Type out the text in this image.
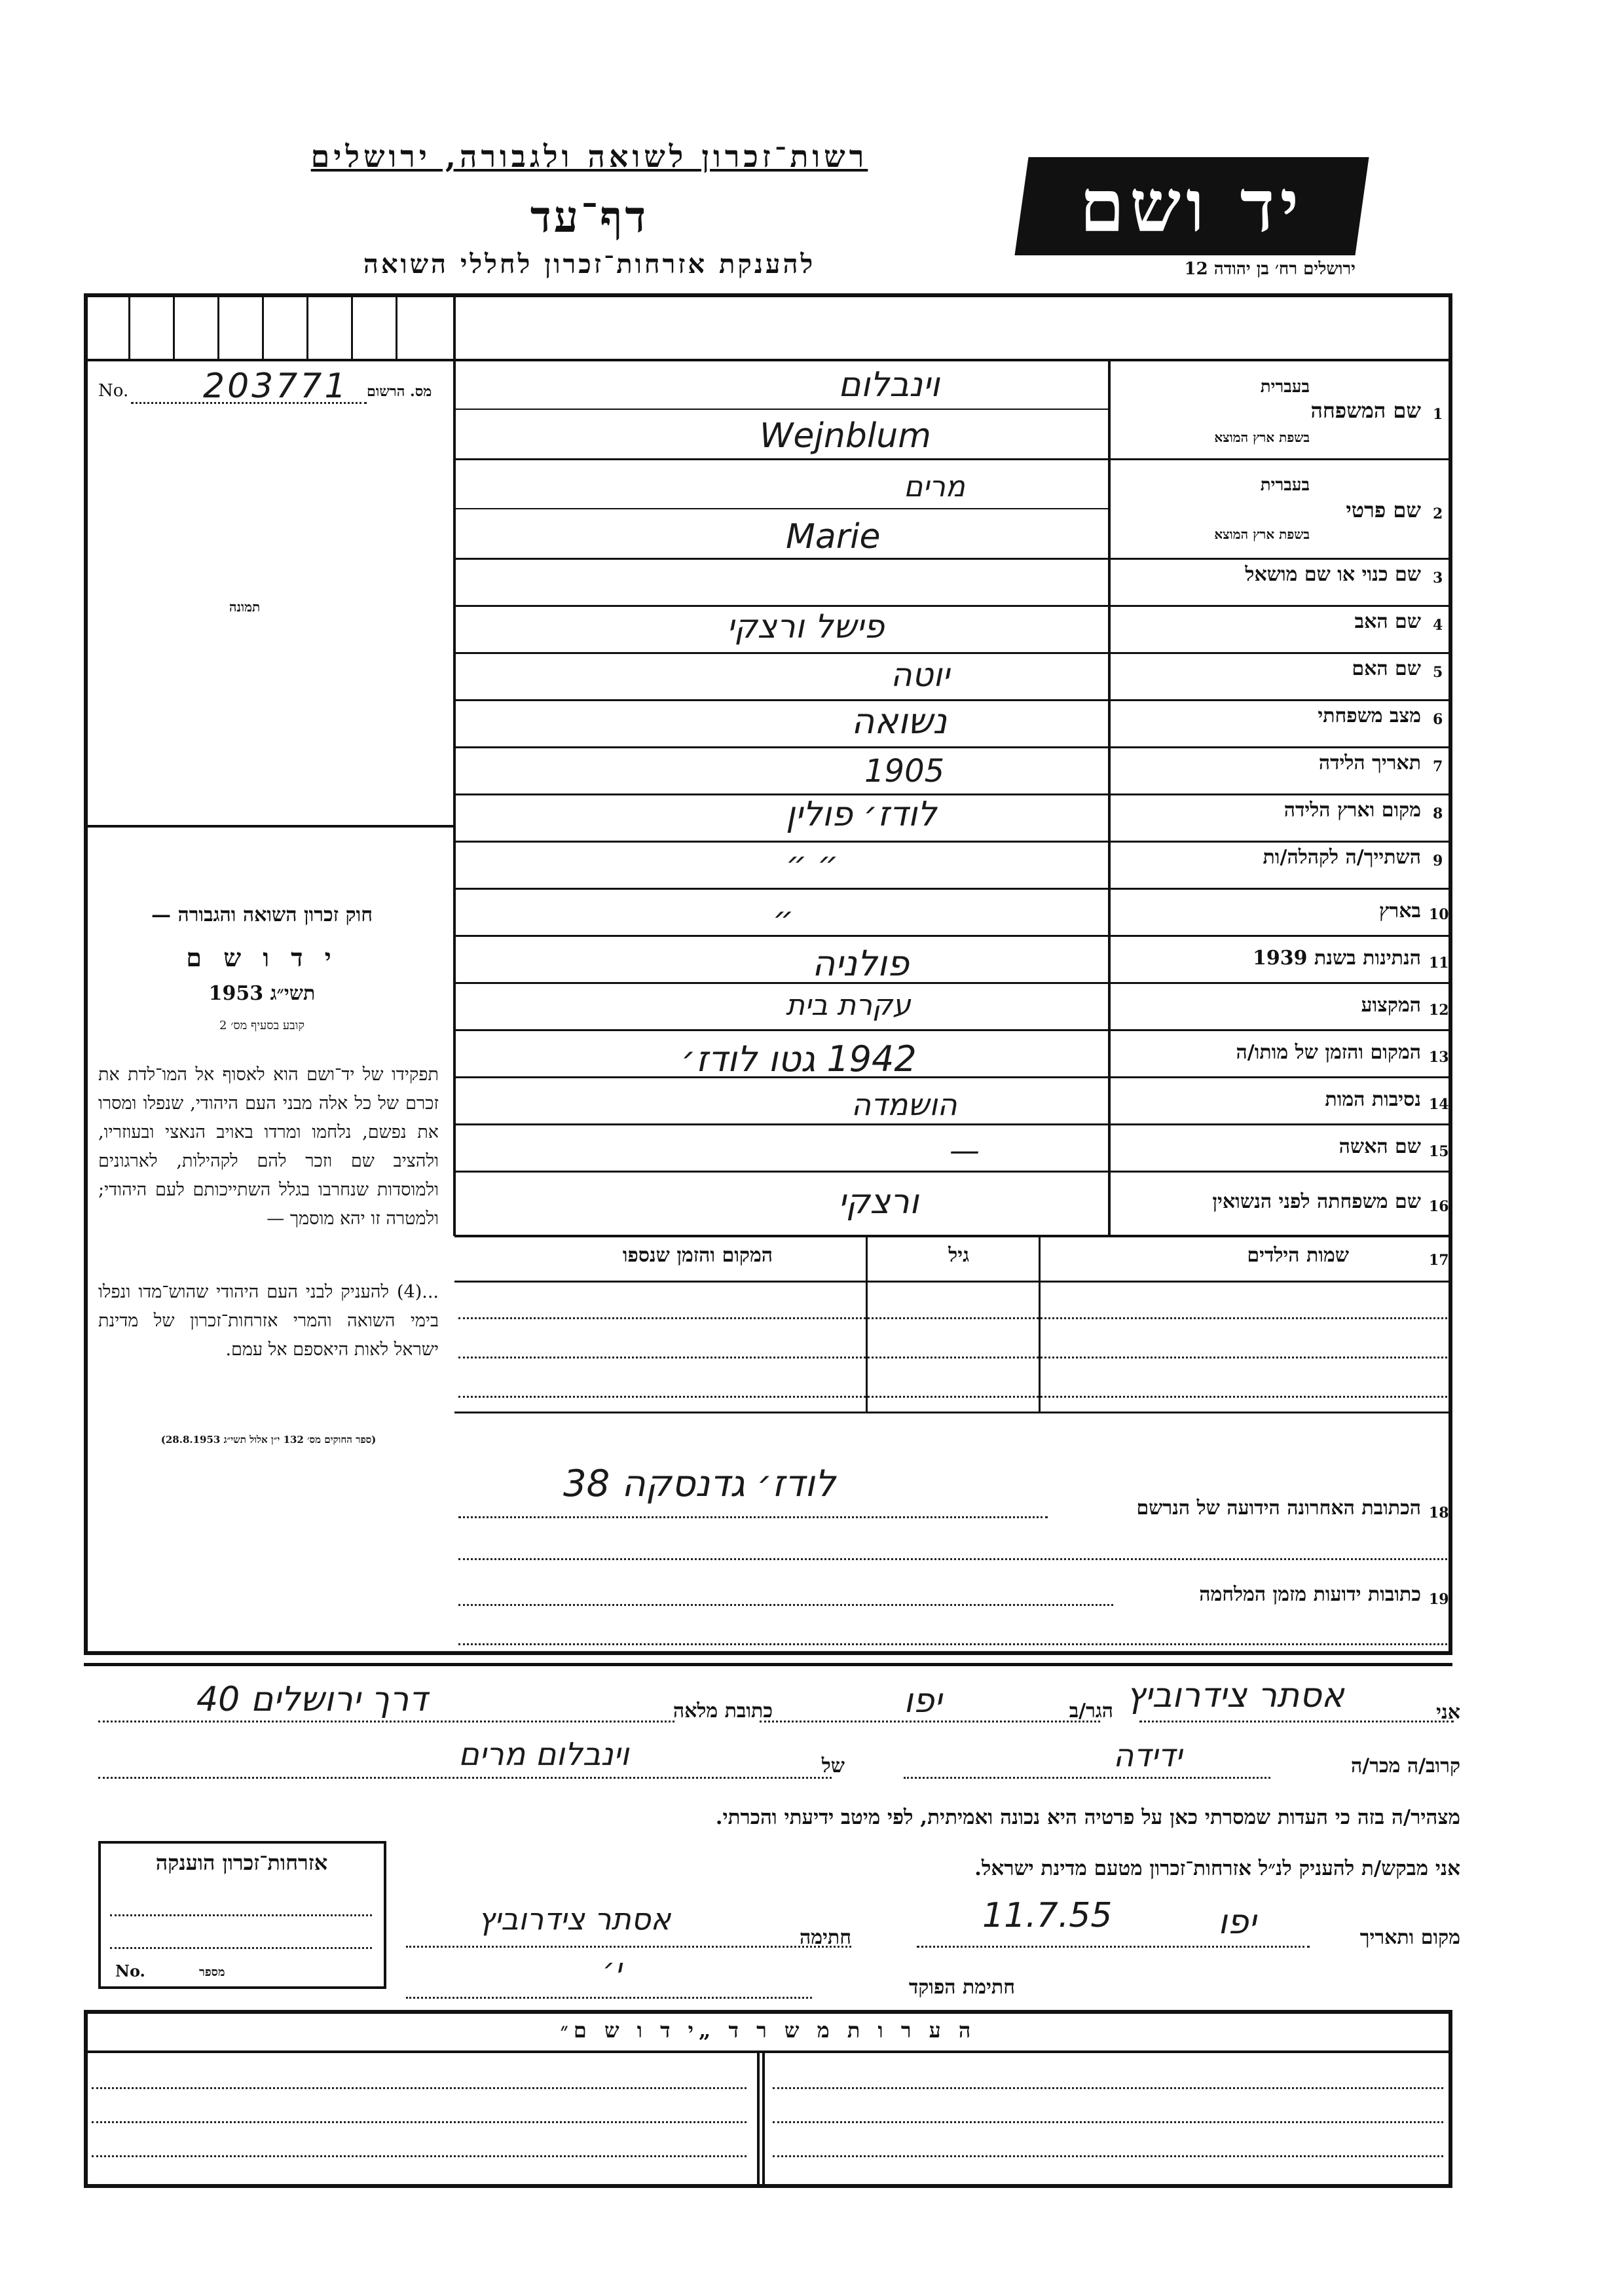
רשות־זכרון לשואה ולגבורה, ירושלים
דף־עד
להענקת אזרחות־זכרון לחללי השואה
יד ושם
ירושלים רח׳ בן יהודה 12
No. 203771 מס. הרשום
תמונה
1
שם המשפחה
בעברית
בשפת ארץ המוצא
וינבלום
Wejnblum
2
שם פרטי
בעברית
בשפת ארץ המוצא
מרים
Marie
3
שם כנוי או שם מושאל
4
שם האב
פישל ורצקי
5
שם האם
יוטה
6
מצב משפחתי
נשואה
7
תאריך הלידה
1905
8
מקום וארץ הלידה
לודז׳ פולין
9
השתייך/ה לקהלה/ות
״ ״
10
בארץ
״
11
הנתינות בשנת 1939
פולניה
12
המקצוע
עקרת בית
13
המקום והזמן של מותו/ה
1942 גטו לודז׳
14
נסיבות המות
הושמדה
15
שם האשה
—
16
שם משפחתה לפני הנשואין
ורצקי
חוק זכרון השואה והגבורה —
י ד ו ש ם
תשי״ג 1953
קובע בסעיף מס׳ 2
תפקידו של יד־ושם הוא לאסוף אל המו־לדת את זכרם של כל אלה מבני העם היהודי, שנפלו ומסרו את נפשם, נלחמו ומרדו באויב הנאצי ובעוזריו, ולהציב שם וזכר להם לקהילות, לארגונים ולמוסדות שנחרבו בגלל השתייכותם לעם היהודי; ולמטרה זו יהא מוסמך —
...(4) להעניק לבני העם היהודי שהוש־מדו ונפלו בימי השואה והמרי אזרחות־זכרון של מדינת ישראל לאות היאספם אל עמם.
(ספר החוקים מס׳ 132 י״ן אלול תשי״ג 28.8.1953)
17
שמות הילדים
גיל
המקום והזמן שנספו
18
הכתובת האחרונה הידועה של הנרשם
לודז׳ גדנסקה 38
19
כתובות ידועות מזמן המלחמה
אני
אסתר צידרוביץ
הגר/ב
יפו
כתובת מלאה
דרך ירושלים 40
קרוב/ה מכר/ה
ידידה
של
וינבלום מרים
מצהיר/ה בזה כי העדות שמסרתי כאן על פרטיה היא נכונה ואמיתית, לפי מיטב ידיעתי והכרתי.
אני מבקש/ת להעניק לנ״ל אזרחות־זכרון מטעם מדינת ישראל.
מקום ותאריך
יפו
11.7.55
חתימה
אסתר צידרוביץ
חתימת הפוקד
י׳
אזרחות־זכרון הוענקה
No.	מספר
ה ע ר ו ת מ ש ר ד „י ד ו ש ם״
